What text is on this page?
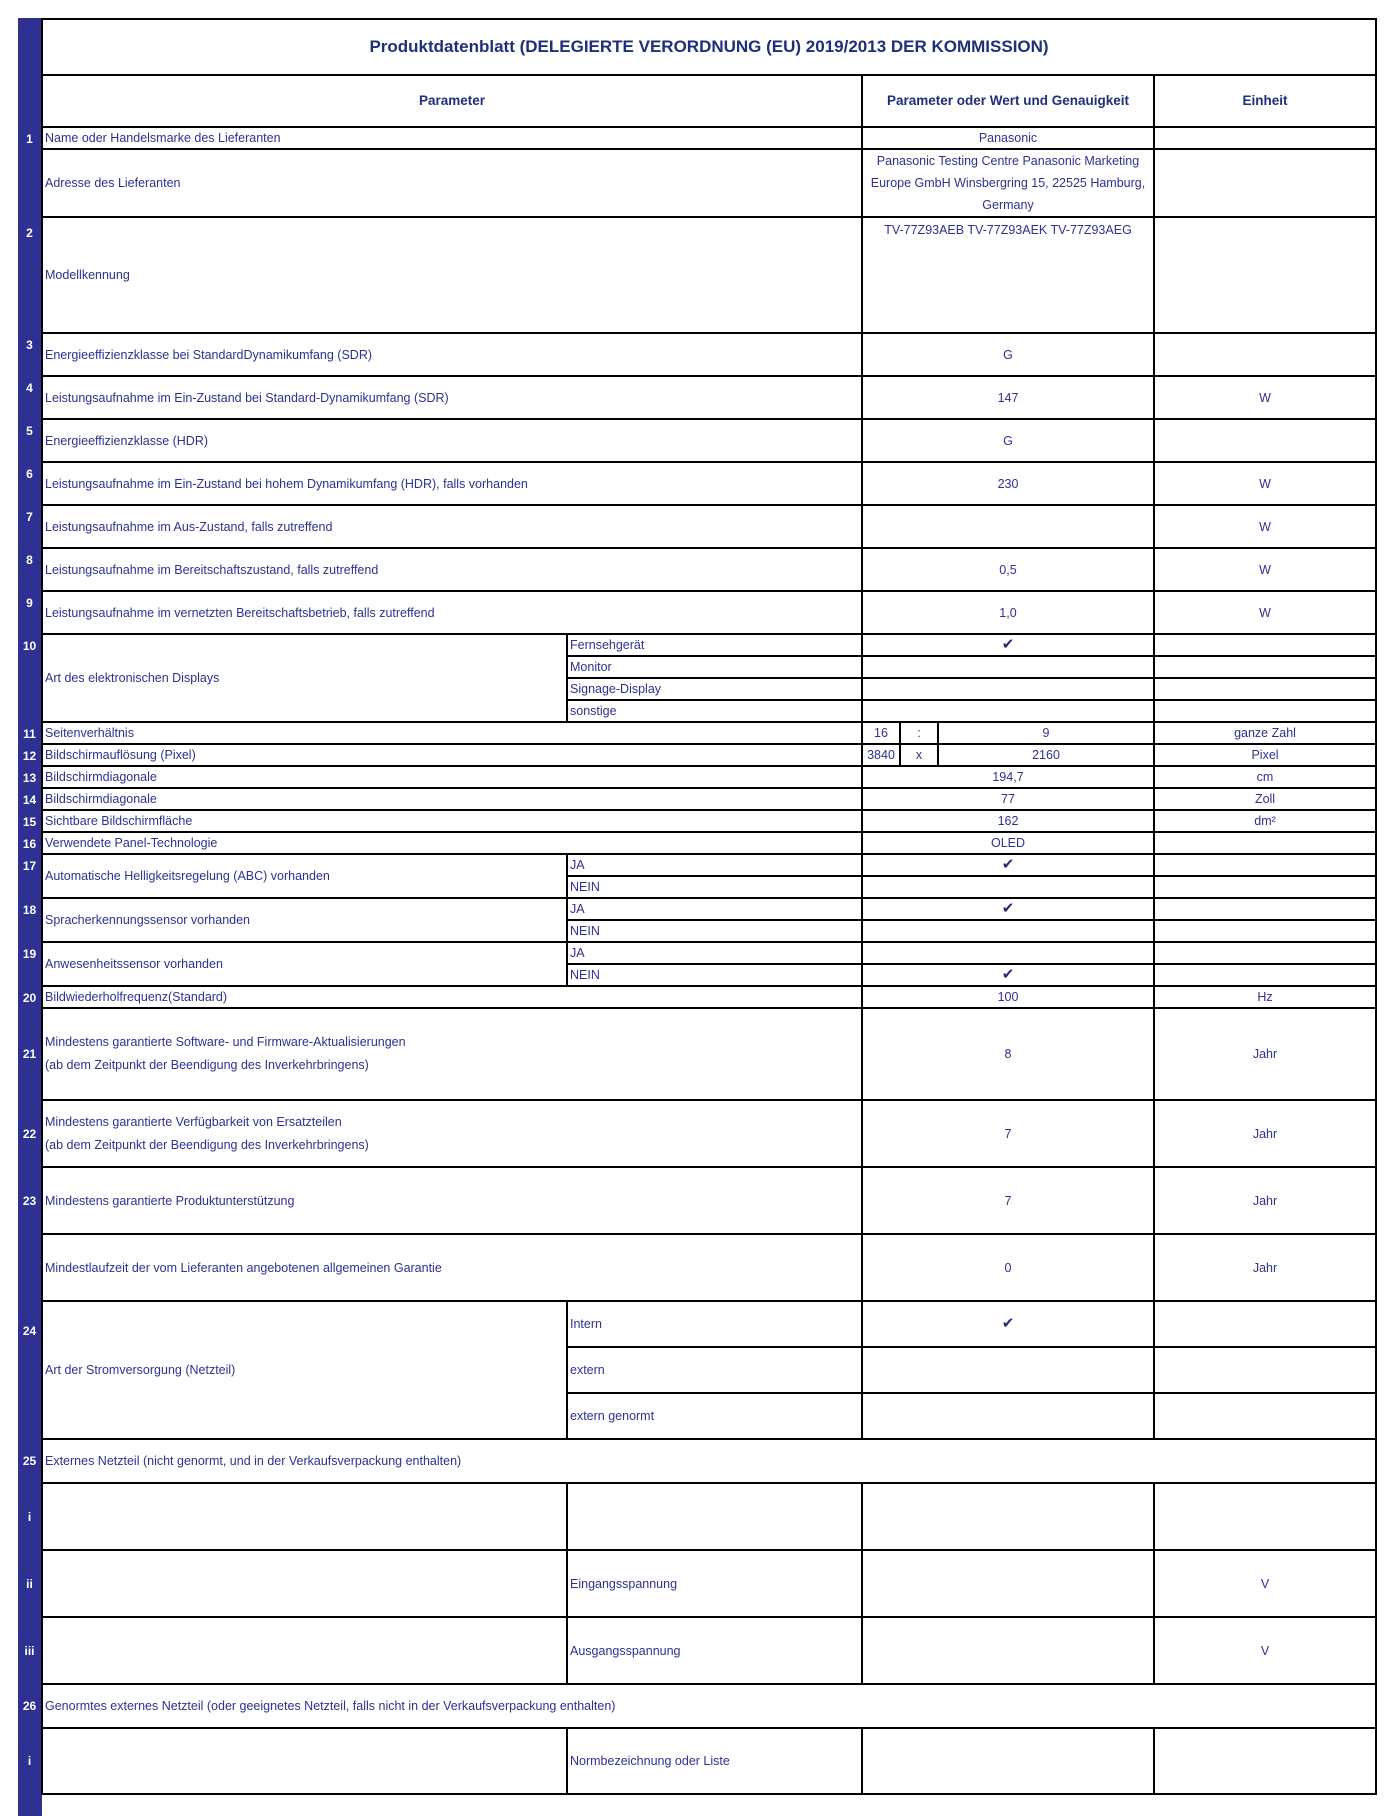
	Produktdatenblatt (DELEGIERTE VERORDNUNG (EU) 2019/2013 DER KOMMISSION)					
	Parameter		Parameter oder Wert und Genauigkeit			Einheit
1	Name oder Handelsmarke des Lieferanten		Panasonic			

2	Adresse des Lieferanten		Panasonic Testing Centre Panasonic Marketing Europe GmbH Winsbergring 15, 22525 Hamburg, Germany			
	Modellkennung		TV-77Z93AEB TV-77Z93AEK TV-77Z93AEG			
3	Energieeffizienzklasse bei StandardDynamikumfang (SDR)		G			
4	Leistungsaufnahme im Ein-Zustand bei Standard-Dynamikumfang (SDR)		147			W
5	Energieeffizienzklasse (HDR)		G			
6	Leistungsaufnahme im Ein-Zustand bei hohem Dynamikumfang (HDR), falls vorhanden		230			W
7	Leistungsaufnahme im Aus-Zustand, falls zutreffend					W
8	Leistungsaufnahme im Bereitschaftszustand, falls zutreffend		0,5			W
9	Leistungsaufnahme im vernetzten Bereitschaftsbetrieb, falls zutreffend		1,0			W
10	Art des elektronischen Displays	Fernsehgerät	✔			
		Monitor				
		Signage-Display				
		sonstige				
11	Seitenverhältnis		16	:	9	ganze Zahl
12	Bildschirmauflösung (Pixel)		3840	x	2160	Pixel
13	Bildschirmdiagonale		194,7			cm
14	Bildschirmdiagonale		77			Zoll
15	Sichtbare Bildschirmfläche		162			dm²
16	Verwendete Panel-Technologie		OLED			
17	Automatische Helligkeitsregelung (ABC) vorhanden	JA	✔			
		NEIN				
18	Spracherkennungssensor vorhanden	JA	✔			
		NEIN				
19	Anwesenheitssensor vorhanden	JA				
		NEIN	✔			
20	Bildwiederholfrequenz(Standard)		100			Hz
21	Mindestens garantierte Software- und Firmware-Aktualisierungen
(ab dem Zeitpunkt der Beendigung des Inverkehrbringens)		8			Jahr
22	Mindestens garantierte Verfügbarkeit von Ersatzteilen
(ab dem Zeitpunkt der Beendigung des Inverkehrbringens)		7			Jahr
23	Mindestens garantierte Produktunterstützung		7			Jahr
	Mindestlaufzeit der vom Lieferanten angebotenen allgemeinen Garantie		0			Jahr

24	Art der Stromversorgung (Netzteil)	Intern	✔			
		extern				
		extern genormt				
25	Externes Netzteil (nicht genormt, und in der Verkaufsverpackung enthalten)					
i						
ii		Eingangsspannung				V
iii		Ausgangsspannung				V
26	Genormtes externes Netzteil (oder geeignetes Netzteil, falls nicht in der Verkaufsverpackung enthalten)					
i		Normbezeichnung oder Liste				
